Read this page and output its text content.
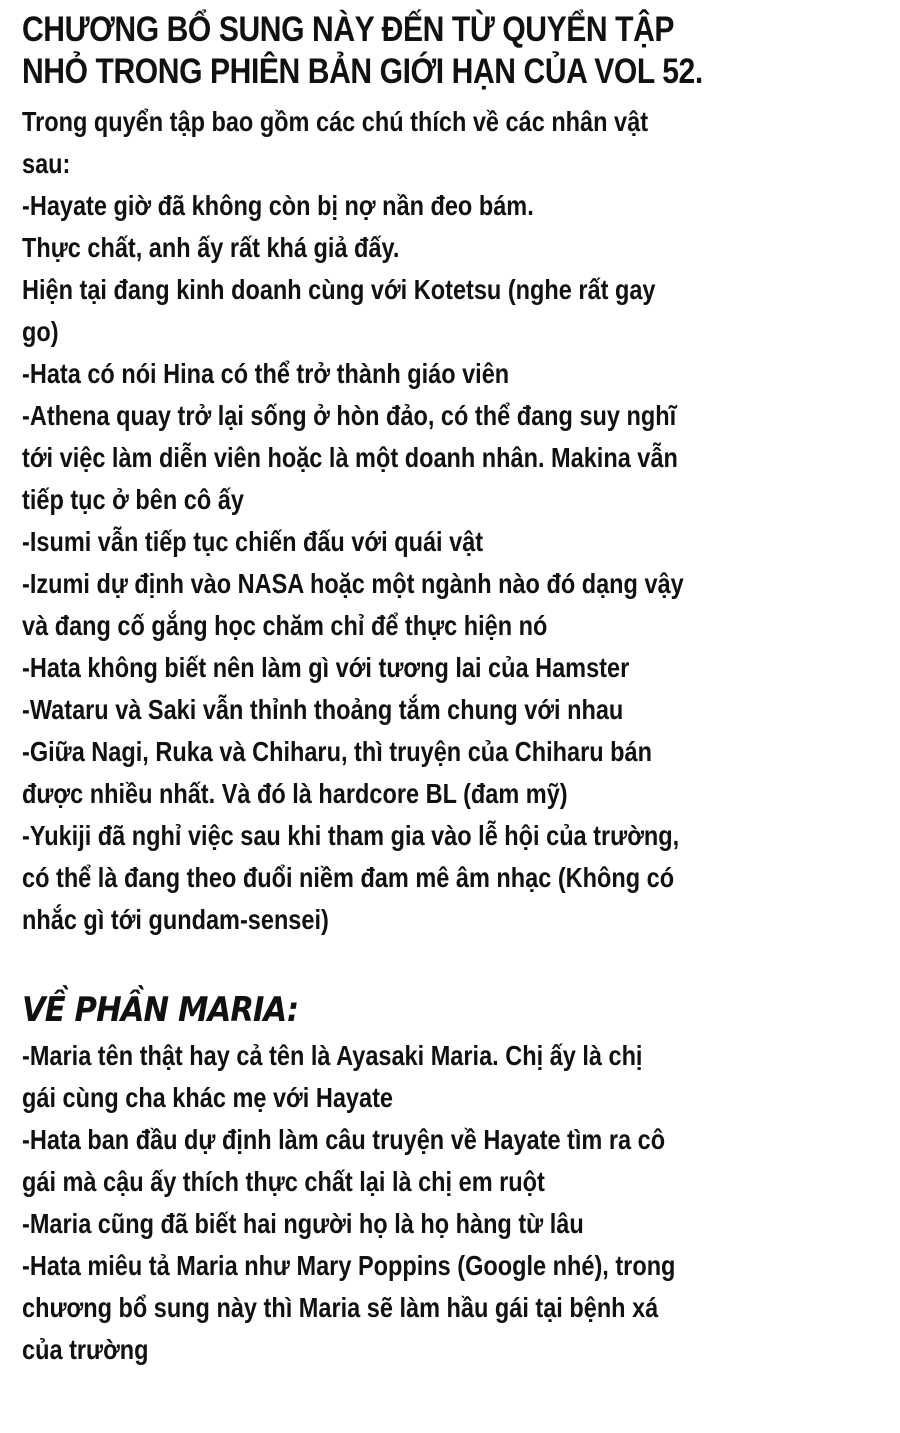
CHƯƠNG BỔ SUNG NÀY ĐẾN TỪ QUYỂN TẬP
NHỎ TRONG PHIÊN BẢN GIỚI HẠN CỦA VOL 52.
Trong quyển tập bao gồm các chú thích về các nhân vật
sau:
-Hayate giờ đã không còn bị nợ nần đeo bám.
Thực chất, anh ấy rất khá giả đấy.
Hiện tại đang kinh doanh cùng với Kotetsu (nghe rất gay
go)
-Hata có nói Hina có thể trở thành giáo viên
-Athena quay trở lại sống ở hòn đảo, có thể đang suy nghĩ
tới việc làm diễn viên hoặc là một doanh nhân. Makina vẫn
tiếp tục ở bên cô ấy
-Isumi vẫn tiếp tục chiến đấu với quái vật
-Izumi dự định vào NASA hoặc một ngành nào đó dạng vậy
và đang cố gắng học chăm chỉ để thực hiện nó
-Hata không biết nên làm gì với tương lai của Hamster
-Wataru và Saki vẫn thỉnh thoảng tắm chung với nhau
-Giữa Nagi, Ruka và Chiharu, thì truyện của Chiharu bán
được nhiều nhất. Và đó là hardcore BL (đam mỹ)
-Yukiji đã nghỉ việc sau khi tham gia vào lễ hội của trường,
có thể là đang theo đuổi niềm đam mê âm nhạc (Không có
nhắc gì tới gundam-sensei)
VỀ PHẦN MARIA:
-Maria tên thật hay cả tên là Ayasaki Maria. Chị ấy là chị
gái cùng cha khác mẹ với Hayate
-Hata ban đầu dự định làm câu truyện về Hayate tìm ra cô
gái mà cậu ấy thích thực chất lại là chị em ruột
-Maria cũng đã biết hai người họ là họ hàng từ lâu
-Hata miêu tả Maria như Mary Poppins (Google nhé), trong
chương bổ sung này thì Maria sẽ làm hầu gái tại bệnh xá
của trường
